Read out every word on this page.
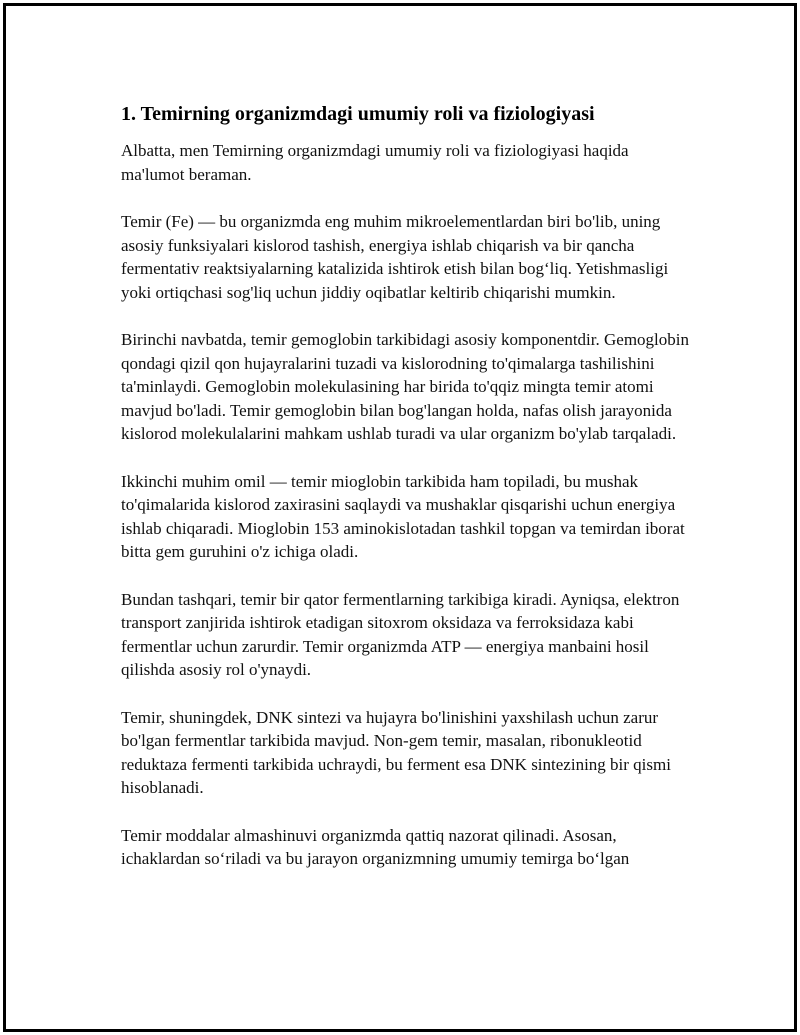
1. Temirning organizmdagi umumiy roli va fiziologiyasi

Albatta, men Temirning organizmdagi umumiy roli va fiziologiyasi haqida ma'lumot beraman.

Temir (Fe) — bu organizmda eng muhim mikroelementlardan biri bo'lib, uning asosiy funksiyalari kislorod tashish, energiya ishlab chiqarish va bir qancha fermentativ reaktsiyalarning katalizida ishtirok etish bilan bog‘liq. Yetishmasligi yoki ortiqchasi sog'liq uchun jiddiy oqibatlar keltirib chiqarishi mumkin.

Birinchi navbatda, temir gemoglobin tarkibidagi asosiy komponentdir. Gemoglobin qondagi qizil qon hujayralarini tuzadi va kislorodning to'qimalarga tashilishini ta'minlaydi. Gemoglobin molekulasining har birida to'qqiz mingta temir atomi mavjud bo'ladi. Temir gemoglobin bilan bog'langan holda, nafas olish jarayonida kislorod molekulalarini mahkam ushlab turadi va ular organizm bo'ylab tarqaladi.

Ikkinchi muhim omil — temir mioglobin tarkibida ham topiladi, bu mushak to'qimalarida kislorod zaxirasini saqlaydi va mushaklar qisqarishi uchun energiya ishlab chiqaradi. Mioglobin 153 aminokislotadan tashkil topgan va temirdan iborat bitta gem guruhini o'z ichiga oladi.

Bundan tashqari, temir bir qator fermentlarning tarkibiga kiradi. Ayniqsa, elektron transport zanjirida ishtirok etadigan sitoxrom oksidaza va ferroksidaza kabi fermentlar uchun zarurdir. Temir organizmda ATP — energiya manbaini hosil qilishda asosiy rol o'ynaydi.

Temir, shuningdek, DNK sintezi va hujayra bo'linishini yaxshilash uchun zarur bo'lgan fermentlar tarkibida mavjud. Non-gem temir, masalan, ribonukleotid reduktaza fermenti tarkibida uchraydi, bu ferment esa DNK sintezining bir qismi hisoblanadi.

Temir moddalar almashinuvi organizmda qattiq nazorat qilinadi. Asosan, ichaklardan so‘riladi va bu jarayon organizmning umumiy temirga bo‘lgan
